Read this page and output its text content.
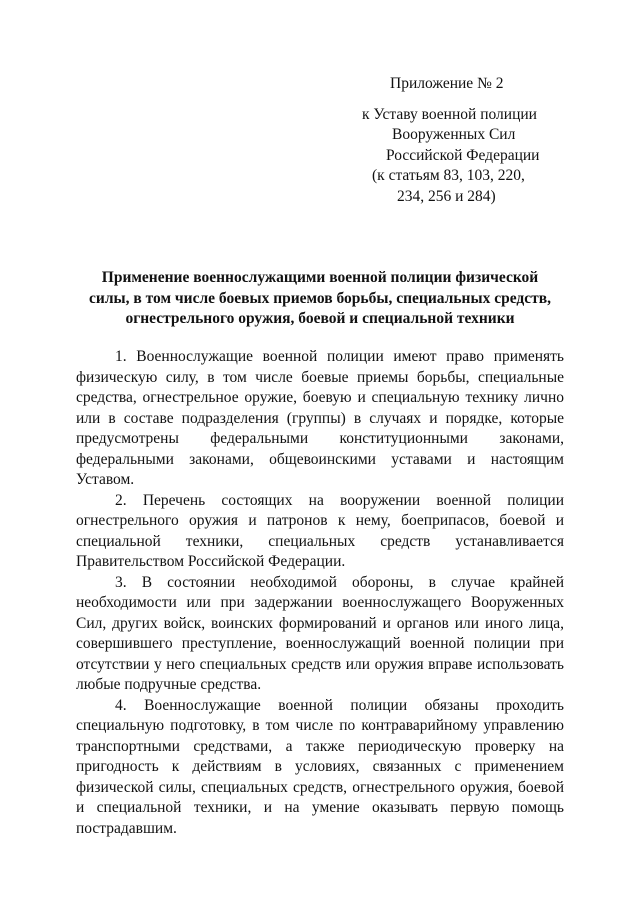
Приложение № 2
к Уставу военной полиции
Вооруженных Сил
Российской Федерации
(к статьям 83, 103, 220,
234, 256 и 284)
Применение военнослужащими военной полиции физической
силы, в том числе боевых приемов борьбы, специальных средств,
огнестрельного оружия, боевой и специальной техники

1. Военнослужащие военной полиции имеют право применять физическую силу, в том числе боевые приемы борьбы, специальные средства, огнестрельное оружие, боевую и специальную технику лично или в составе подразделения (группы) в случаях и порядке, которые предусмотрены федеральными конституционными законами, федеральными законами, общевоинскими уставами и настоящим Уставом.

2. Перечень состоящих на вооружении военной полиции огнестрельного оружия и патронов к нему, боеприпасов, боевой и специальной техники, специальных средств устанавливается Правительством Российской Федерации.

3. В состоянии необходимой обороны, в случае крайней необходимости или при задержании военнослужащего Вооруженных Сил, других войск, воинских формирований и органов или иного лица, совершившего преступление, военнослужащий военной полиции при отсутствии у него специальных средств или оружия вправе использовать любые подручные средства.

4. Военнослужащие военной полиции обязаны проходить специальную подготовку, в том числе по контраварийному управлению транспортными средствами, а также периодическую проверку на пригодность к действиям в условиях, связанных с применением физической силы, специальных средств, огнестрельного оружия, боевой и специальной техники, и на умение оказывать первую помощь пострадавшим.
